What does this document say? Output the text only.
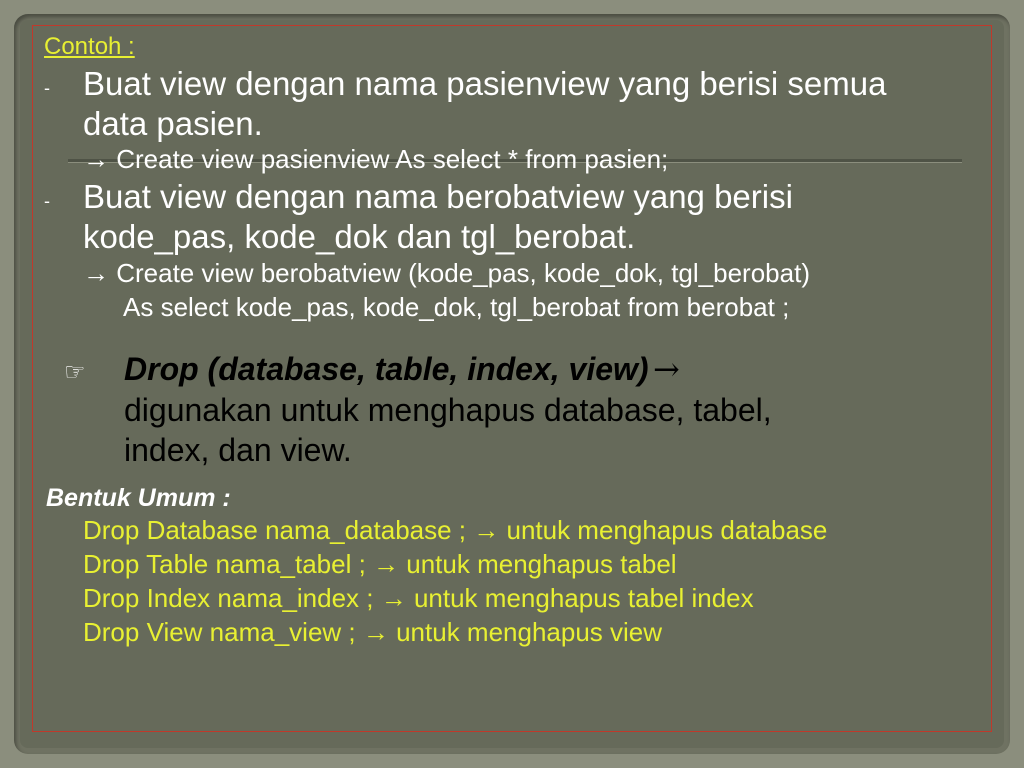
Contoh :

- Buat view dengan nama pasienview yang berisi semua

data pasien.

→ Create view pasienview As select * from pasien;

- Buat view dengan nama berobatview yang berisi

kode_pas, kode_dok dan tgl_berobat.

→ Create view berobatview (kode_pas, kode_dok, tgl_berobat)

As select kode_pas, kode_dok, tgl_berobat from berobat ;

☞ Drop (database, table, index, view) →

digunakan untuk menghapus database, tabel,

index, dan view.

Bentuk Umum :

Drop Database nama_database ; → untuk menghapus database

Drop Table nama_tabel ; → untuk menghapus tabel

Drop Index nama_index ; → untuk menghapus tabel index

Drop View nama_view ; → untuk menghapus view
